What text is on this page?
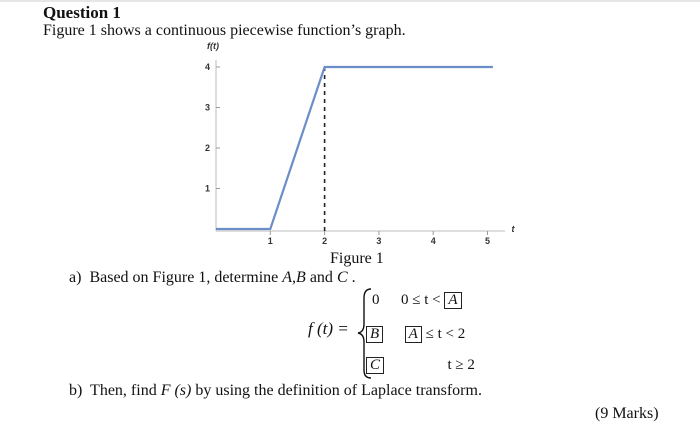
Question 1
Figure 1 shows a continuous piecewise function’s graph.
1	2	3	4	5
1
2
3
4
f(t)
t
Figure 1
a) Based on Figure 1, determine A,B and C .
f (t) =
0 0 ≤ t < A
B A ≤ t < 2
C	t ≥ 2
b) Then, find F (s) by using the definition of Laplace transform.
(9 Marks)
